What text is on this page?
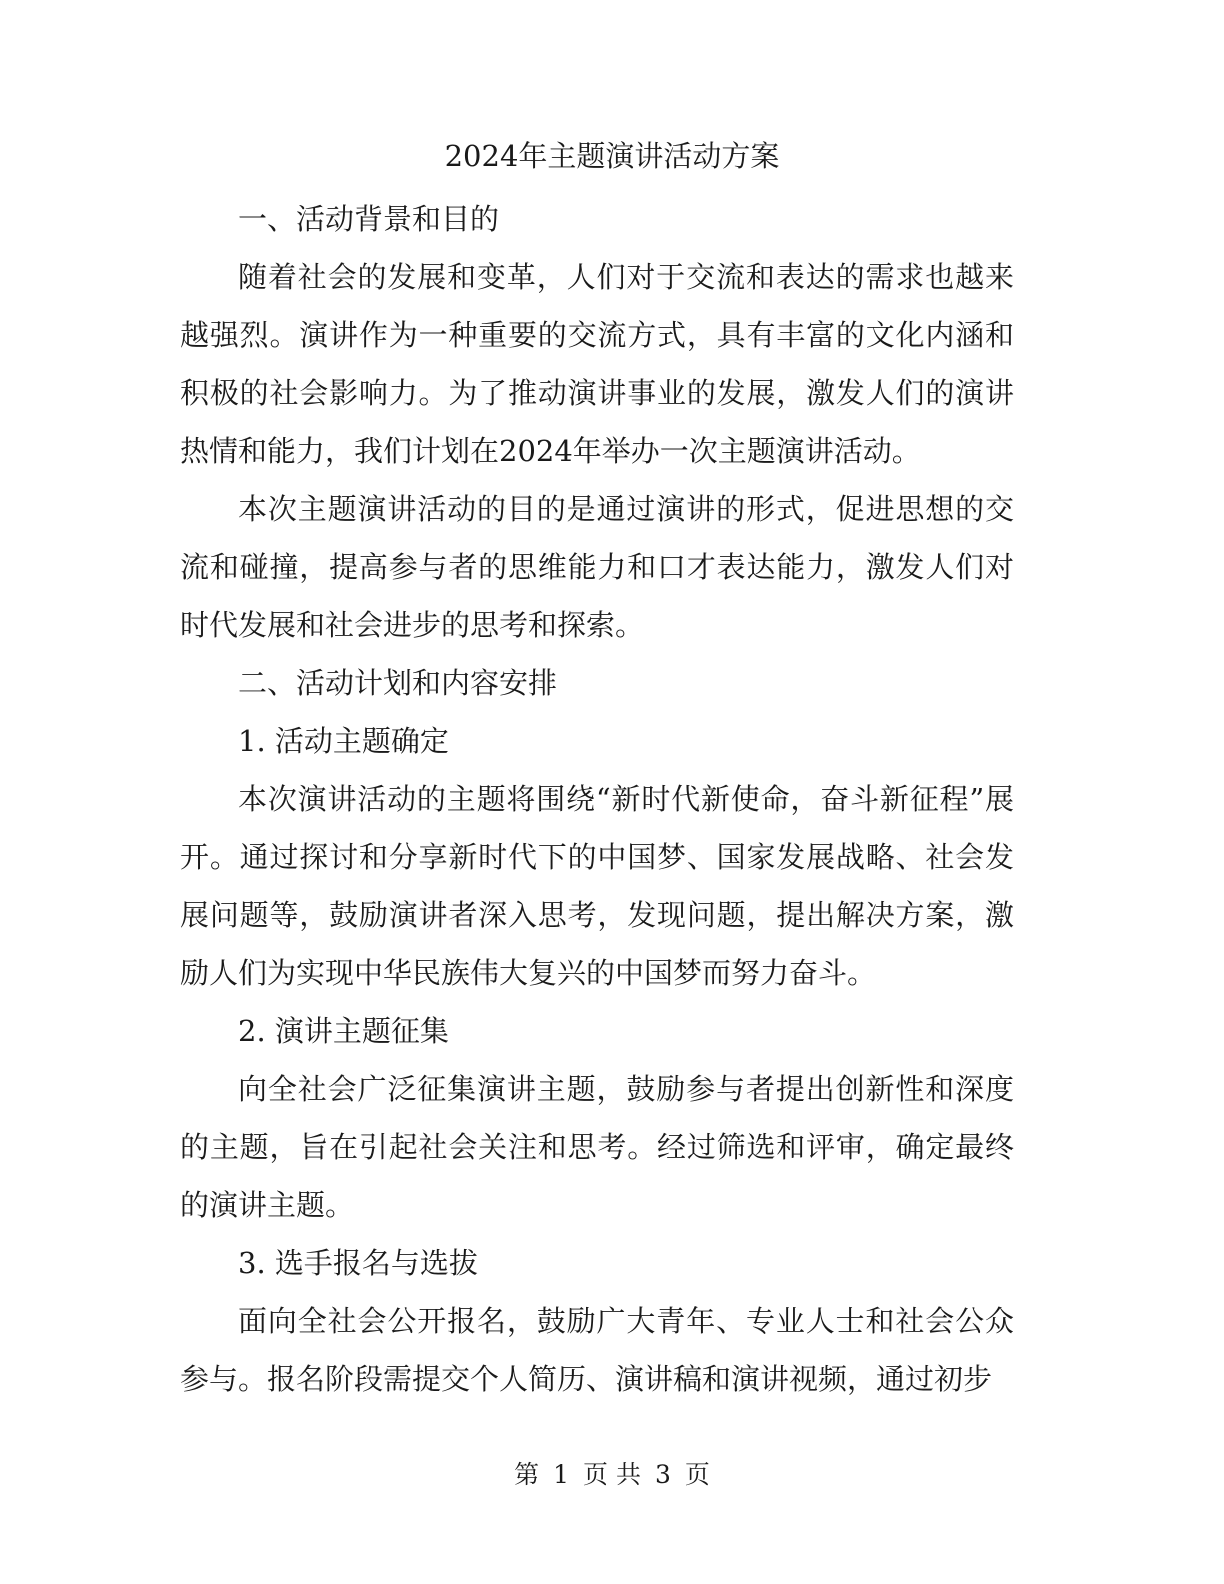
2024年主题演讲活动方案

一、活动背景和目的

随着社会的发展和变革，人们对于交流和表达的需求也越来越强烈。演讲作为一种重要的交流方式，具有丰富的文化内涵和积极的社会影响力。为了推动演讲事业的发展，激发人们的演讲热情和能力，我们计划在2024年举办一次主题演讲活动。

本次主题演讲活动的目的是通过演讲的形式，促进思想的交流和碰撞，提高参与者的思维能力和口才表达能力，激发人们对时代发展和社会进步的思考和探索。

二、活动计划和内容安排

1. 活动主题确定

本次演讲活动的主题将围绕“新时代新使命，奋斗新征程”展开。通过探讨和分享新时代下的中国梦、国家发展战略、社会发展问题等，鼓励演讲者深入思考，发现问题，提出解决方案，激励人们为实现中华民族伟大复兴的中国梦而努力奋斗。

2. 演讲主题征集

向全社会广泛征集演讲主题，鼓励参与者提出创新性和深度的主题，旨在引起社会关注和思考。经过筛选和评审，确定最终的演讲主题。

3. 选手报名与选拔

面向全社会公开报名，鼓励广大青年、专业人士和社会公众参与。报名阶段需提交个人简历、演讲稿和演讲视频，通过初步

第 1 页 共 3 页
